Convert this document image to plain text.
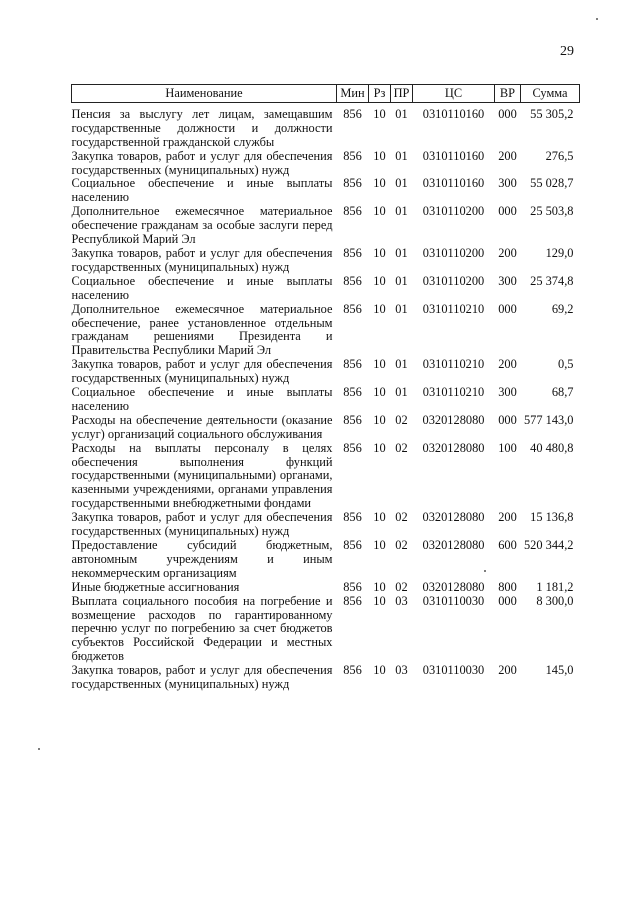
29
Наименование	Мин	Рз	ПР	ЦС	ВР	Сумма
Пенсия за выслугу лет лицам, замещавшим государственные должности и должности государственной гражданской службы	856	10	01	0310110160	000	55 305,2
Закупка товаров, работ и услуг для обеспечения государственных (муниципальных) нужд	856	10	01	0310110160	200	276,5
Социальное обеспечение и иные выплаты населению	856	10	01	0310110160	300	55 028,7
Дополнительное ежемесячное материальное обеспечение гражданам за особые заслуги перед Республикой Марий Эл	856	10	01	0310110200	000	25 503,8
Закупка товаров, работ и услуг для обеспечения государственных (муниципальных) нужд	856	10	01	0310110200	200	129,0
Социальное обеспечение и иные выплаты населению	856	10	01	0310110200	300	25 374,8
Дополнительное ежемесячное материальное обеспечение, ранее установленное отдельным гражданам решениями Президента и Правительства Республики Марий Эл	856	10	01	0310110210	000	69,2
Закупка товаров, работ и услуг для обеспечения государственных (муниципальных) нужд	856	10	01	0310110210	200	0,5
Социальное обеспечение и иные выплаты населению	856	10	01	0310110210	300	68,7
Расходы на обеспечение деятельности (оказание услуг) организаций социального обслуживания	856	10	02	0320128080	000	577 143,0
Расходы на выплаты персоналу в целях обеспечения выполнения функций государственными (муниципальными) органами, казенными учреждениями, органами управления государственными внебюджетными фондами	856	10	02	0320128080	100	40 480,8
Закупка товаров, работ и услуг для обеспечения государственных (муниципальных) нужд	856	10	02	0320128080	200	15 136,8
Предоставление субсидий бюджетным, автономным учреждениям и иным некоммерческим организациям	856	10	02	0320128080	600	520 344,2
Иные бюджетные ассигнования	856	10	02	0320128080	800	1 181,2
Выплата социального пособия на погребение и возмещение расходов по гарантированному перечню услуг по погребению за счет бюджетов субъектов Российской Федерации и местных бюджетов	856	10	03	0310110030	000	8 300,0
Закупка товаров, работ и услуг для обеспечения государственных (муниципальных) нужд	856	10	03	0310110030	200	145,0
